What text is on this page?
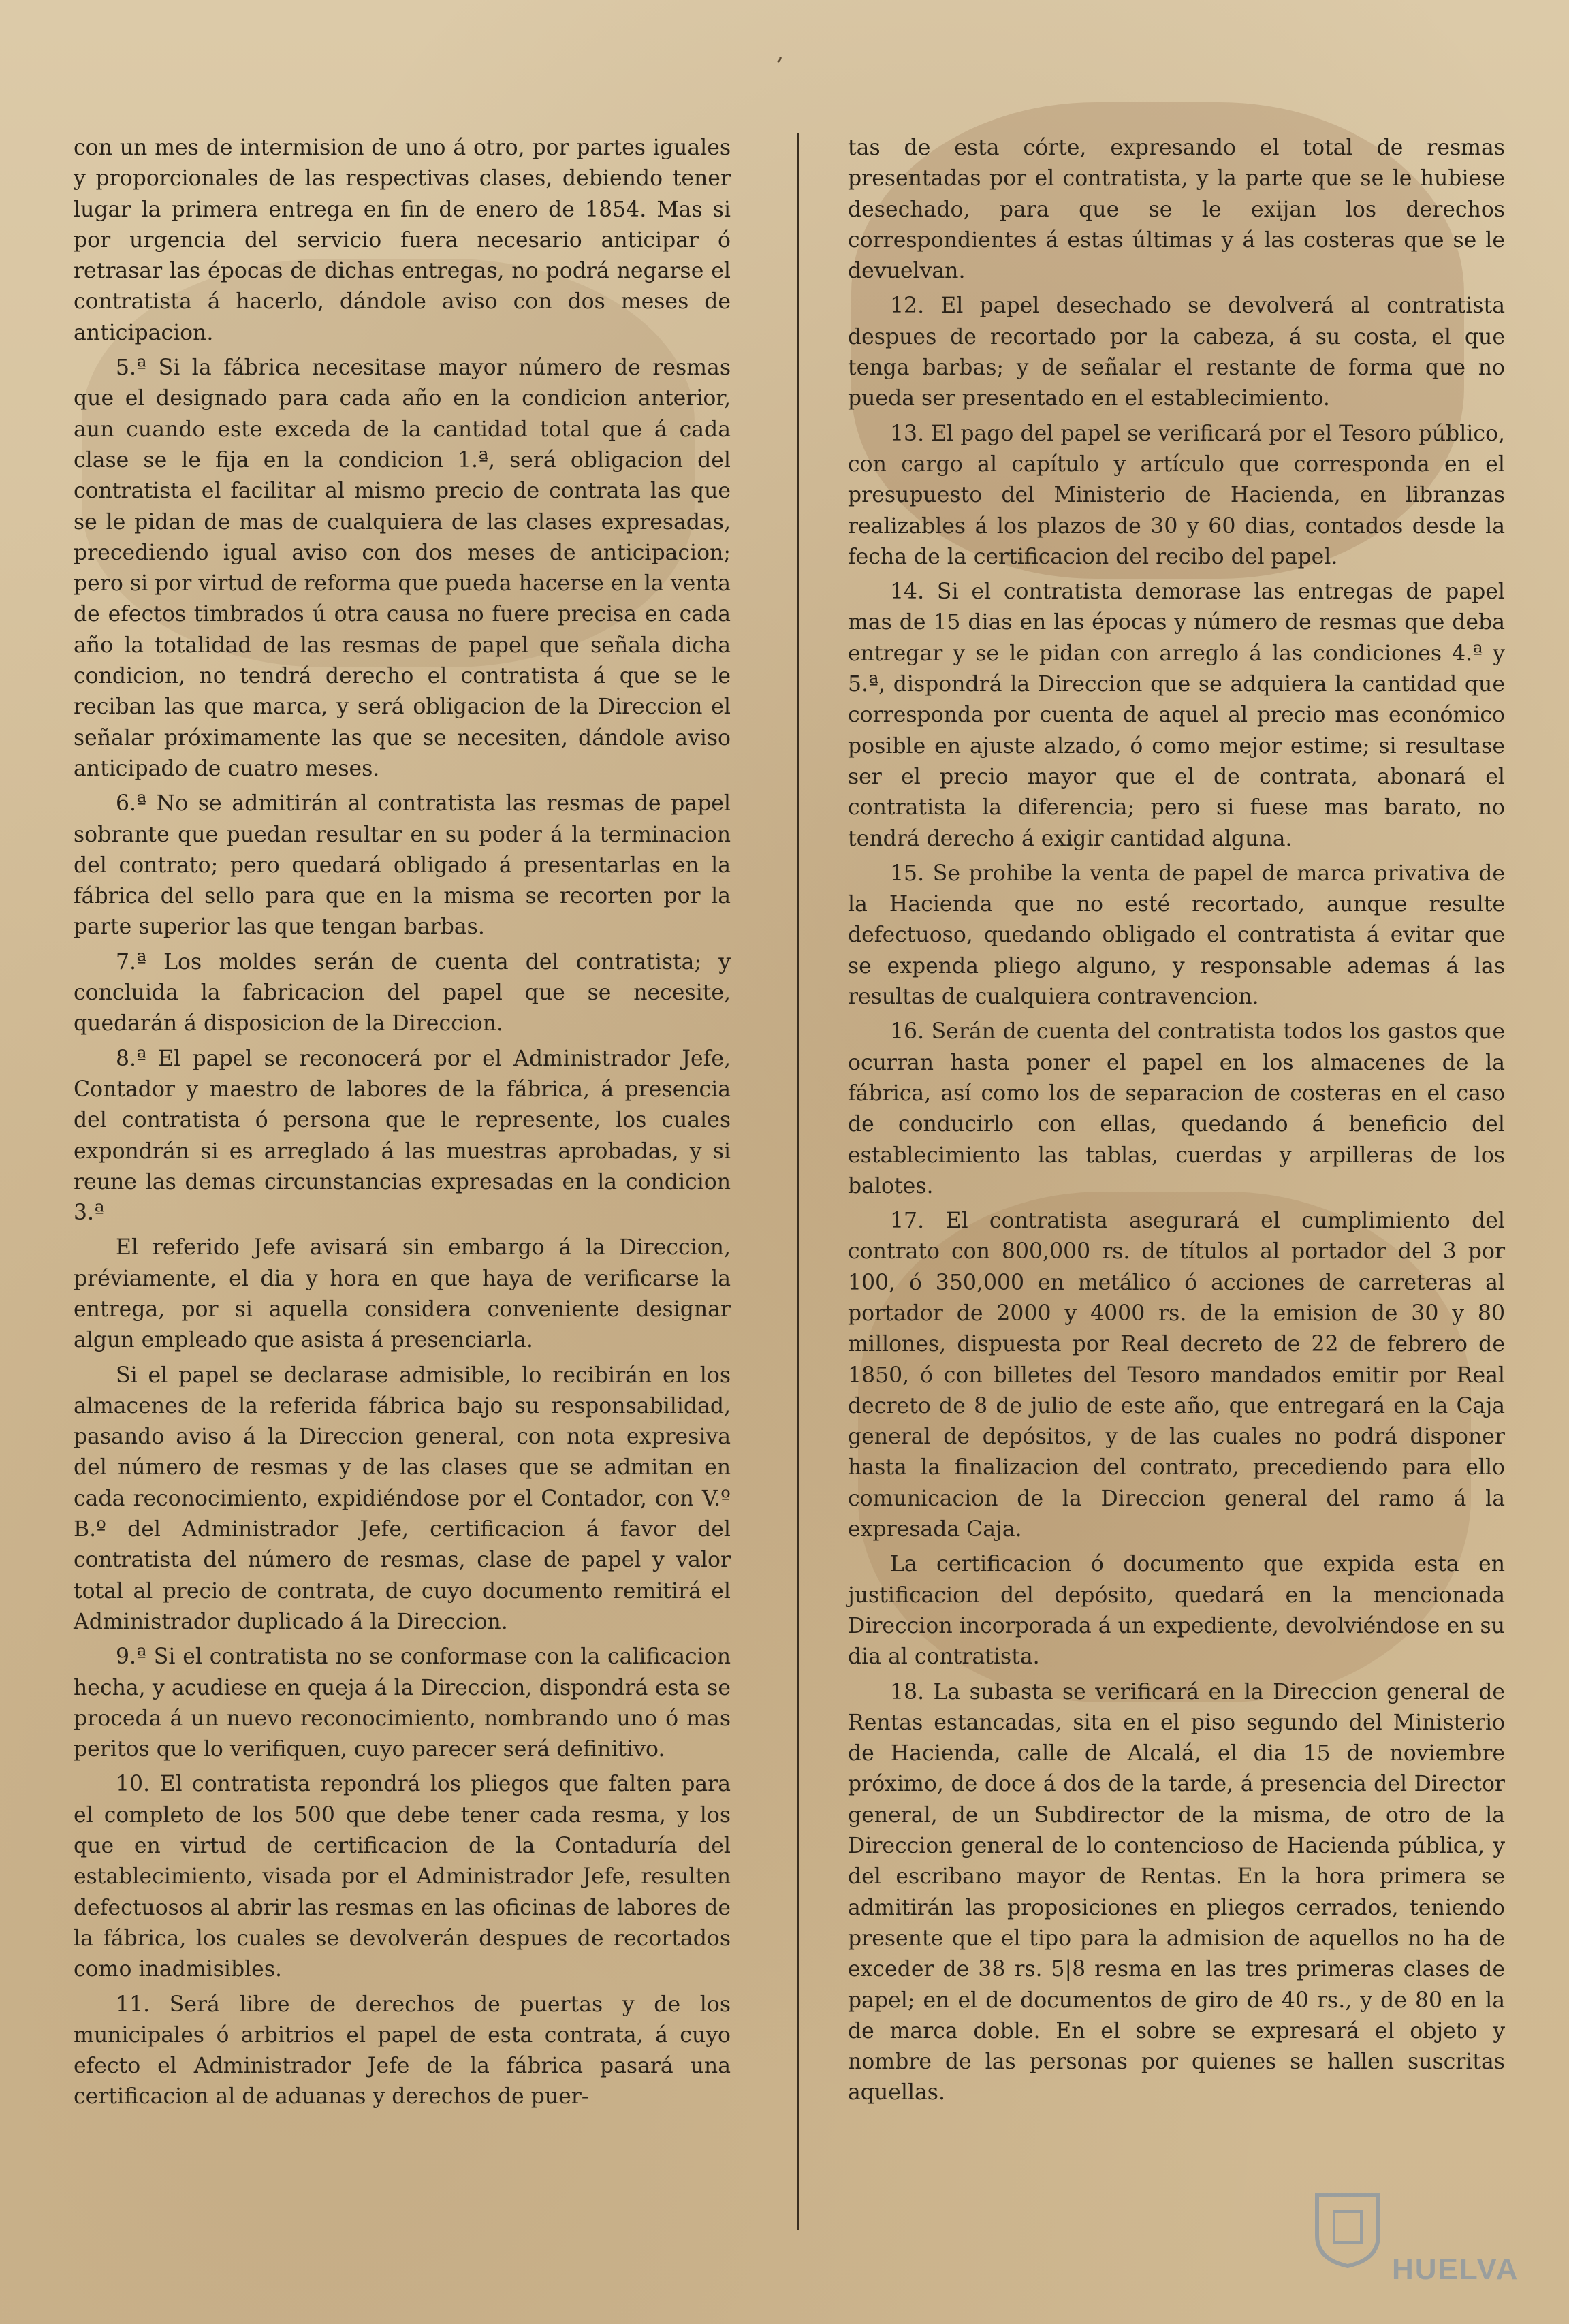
,

con un mes de intermision de uno á otro, por partes iguales y proporcionales de las respectivas clases, debiendo tener lugar la primera entrega en fin de enero de 1854. Mas si por urgencia del servicio fuera necesario anticipar ó retrasar las épocas de dichas entregas, no podrá negarse el contratista á hacerlo, dándole aviso con dos meses de anticipacion.

5.ª Si la fábrica necesitase mayor número de resmas que el designado para cada año en la condicion anterior, aun cuando este exceda de la cantidad total que á cada clase se le fija en la condicion 1.ª, será obligacion del contratista el facilitar al mismo precio de contrata las que se le pidan de mas de cualquiera de las clases expresadas, precediendo igual aviso con dos meses de anticipacion; pero si por virtud de reforma que pueda hacerse en la venta de efectos timbrados ú otra causa no fuere precisa en cada año la totalidad de las resmas de papel que señala dicha condicion, no tendrá derecho el contratista á que se le reciban las que marca, y será obligacion de la Direccion el señalar próximamente las que se necesiten, dándole aviso anticipado de cuatro meses.

6.ª No se admitirán al contratista las resmas de papel sobrante que puedan resultar en su poder á la terminacion del contrato; pero quedará obligado á presentarlas en la fábrica del sello para que en la misma se recorten por la parte superior las que tengan barbas.

7.ª Los moldes serán de cuenta del contratista; y concluida la fabricacion del papel que se necesite, quedarán á disposicion de la Direccion.

8.ª El papel se reconocerá por el Administrador Jefe, Contador y maestro de labores de la fábrica, á presencia del contratista ó persona que le represente, los cuales expondrán si es arreglado á las muestras aprobadas, y si reune las demas circunstancias expresadas en la condicion 3.ª

El referido Jefe avisará sin embargo á la Direccion, préviamente, el dia y hora en que haya de verificarse la entrega, por si aquella considera conveniente designar algun empleado que asista á presenciarla.

Si el papel se declarase admisible, lo recibirán en los almacenes de la referida fábrica bajo su responsabilidad, pasando aviso á la Direccion general, con nota expresiva del número de resmas y de las clases que se admitan en cada reconocimiento, expidiéndose por el Contador, con V.º B.º del Administrador Jefe, certificacion á favor del contratista del número de resmas, clase de papel y valor total al precio de contrata, de cuyo documento remitirá el Administrador duplicado á la Direccion.

9.ª Si el contratista no se conformase con la calificacion hecha, y acudiese en queja á la Direccion, dispondrá esta se proceda á un nuevo reconocimiento, nombrando uno ó mas peritos que lo verifiquen, cuyo parecer será definitivo.

10. El contratista repondrá los pliegos que falten para el completo de los 500 que debe tener cada resma, y los que en virtud de certificacion de la Contaduría del establecimiento, visada por el Administrador Jefe, resulten defectuosos al abrir las resmas en las oficinas de labores de la fábrica, los cuales se devolverán despues de recortados como inadmisibles.

11. Será libre de derechos de puertas y de los municipales ó arbitrios el papel de esta contrata, á cuyo efecto el Administrador Jefe de la fábrica pasará una certificacion al de aduanas y derechos de puer-

tas de esta córte, expresando el total de resmas presentadas por el contratista, y la parte que se le hubiese desechado, para que se le exijan los derechos correspondientes á estas últimas y á las costeras que se le devuelvan.

12. El papel desechado se devolverá al contratista despues de recortado por la cabeza, á su costa, el que tenga barbas; y de señalar el restante de forma que no pueda ser presentado en el establecimiento.

13. El pago del papel se verificará por el Tesoro público, con cargo al capítulo y artículo que corresponda en el presupuesto del Ministerio de Hacienda, en libranzas realizables á los plazos de 30 y 60 dias, contados desde la fecha de la certificacion del recibo del papel.

14. Si el contratista demorase las entregas de papel mas de 15 dias en las épocas y número de resmas que deba entregar y se le pidan con arreglo á las condiciones 4.ª y 5.ª, dispondrá la Direccion que se adquiera la cantidad que corresponda por cuenta de aquel al precio mas económico posible en ajuste alzado, ó como mejor estime; si resultase ser el precio mayor que el de contrata, abonará el contratista la diferencia; pero si fuese mas barato, no tendrá derecho á exigir cantidad alguna.

15. Se prohibe la venta de papel de marca privativa de la Hacienda que no esté recortado, aunque resulte defectuoso, quedando obligado el contratista á evitar que se expenda pliego alguno, y responsable ademas á las resultas de cualquiera contravencion.

16. Serán de cuenta del contratista todos los gastos que ocurran hasta poner el papel en los almacenes de la fábrica, así como los de separacion de costeras en el caso de conducirlo con ellas, quedando á beneficio del establecimiento las tablas, cuerdas y arpilleras de los balotes.

17. El contratista asegurará el cumplimiento del contrato con 800,000 rs. de títulos al portador del 3 por 100, ó 350,000 en metálico ó acciones de carreteras al portador de 2000 y 4000 rs. de la emision de 30 y 80 millones, dispuesta por Real decreto de 22 de febrero de 1850, ó con billetes del Tesoro mandados emitir por Real decreto de 8 de julio de este año, que entregará en la Caja general de depósitos, y de las cuales no podrá disponer hasta la finalizacion del contrato, precediendo para ello comunicacion de la Direccion general del ramo á la expresada Caja.

La certificacion ó documento que expida esta en justificacion del depósito, quedará en la mencionada Direccion incorporada á un expediente, devolviéndose en su dia al contratista.

18. La subasta se verificará en la Direccion general de Rentas estancadas, sita en el piso segundo del Ministerio de Hacienda, calle de Alcalá, el dia 15 de noviembre próximo, de doce á dos de la tarde, á presencia del Director general, de un Subdirector de la misma, de otro de la Direccion general de lo contencioso de Hacienda pública, y del escribano mayor de Rentas. En la hora primera se admitirán las proposiciones en pliegos cerrados, teniendo presente que el tipo para la admision de aquellos no ha de exceder de 38 rs. 5|8 resma en las tres primeras clases de papel; en el de documentos de giro de 40 rs., y de 80 en la de marca doble. En el sobre se expresará el objeto y nombre de las personas por quienes se hallen suscritas aquellas.

HUELVA
